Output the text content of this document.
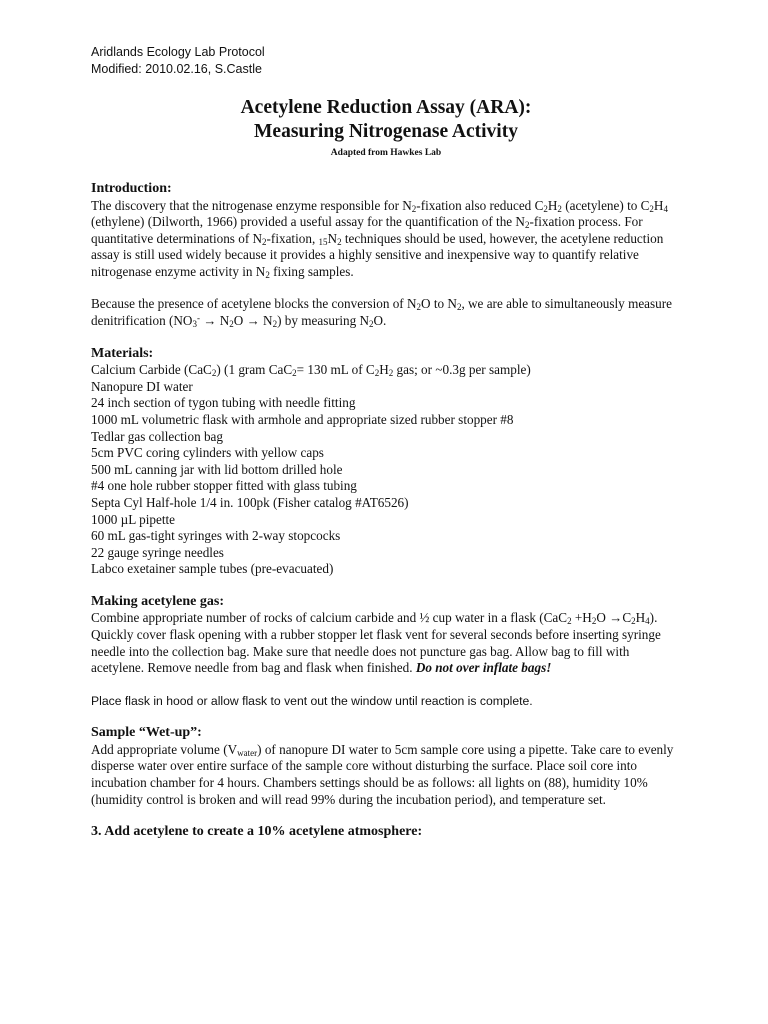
Aridlands Ecology Lab Protocol
Modified: 2010.02.16, S.Castle
Acetylene Reduction Assay (ARA):
Measuring Nitrogenase Activity
Adapted from Hawkes Lab
Introduction:
The discovery that the nitrogenase enzyme responsible for $N_2$-fixation also reduced $C_2H_2$ (acetylene) to $C_2H_4$ (ethylene) (Dilworth, 1966) provided a useful assay for the quantification of the $N_2$-fixation process. For quantitative determinations of $N_2$-fixation, $_{15}N_2$ techniques should be used, however, the acetylene reduction assay is still used widely because it provides a highly sensitive and inexpensive way to quantify relative nitrogenase enzyme activity in $N_2$ fixing samples.
Because the presence of acetylene blocks the conversion of $N_2O$ to $N_2$, we are able to simultaneously measure denitrification $(NO_3^- \to N_2O \to N_2)$ by measuring $N_2O$.
Materials:
Calcium Carbide (CaC$_2$) (1 gram CaC$_2$= 130 mL of $C_2H_2$ gas; or ~0.3g per sample)
Nanopure DI water
24 inch section of tygon tubing with needle fitting
1000 mL volumetric flask with armhole and appropriate sized rubber stopper #8
Tedlar gas collection bag
5cm PVC coring cylinders with yellow caps
500 mL canning jar with lid bottom drilled hole
#4 one hole rubber stopper fitted with glass tubing
Septa Cyl Half-hole 1/4 in. 100pk (Fisher catalog #AT6526)
1000 µL pipette
60 mL gas-tight syringes with 2-way stopcocks
22 gauge syringe needles
Labco exetainer sample tubes (pre-evacuated)
Making acetylene gas:
Combine appropriate number of rocks of calcium carbide and ½ cup water in a flask $(CaC_2 +H_2O \to C_2H_4)$. Quickly cover flask opening with a rubber stopper let flask vent for several seconds before inserting syringe needle into the collection bag. Make sure that needle does not puncture gas bag. Allow bag to fill with acetylene. Remove needle from bag and flask when finished. Do not over inflate bags!
Place flask in hood or allow flask to vent out the window until reaction is complete.
Sample “Wet-up”:
Add appropriate volume $(V_{water})$ of nanopure DI water to 5cm sample core using a pipette. Take care to evenly disperse water over entire surface of the sample core without disturbing the surface. Place soil core into incubation chamber for 4 hours. Chambers settings should be as follows: all lights on (88), humidity 10% (humidity control is broken and will read 99% during the incubation period), and temperature set.
3. Add acetylene to create a 10% acetylene atmosphere:
